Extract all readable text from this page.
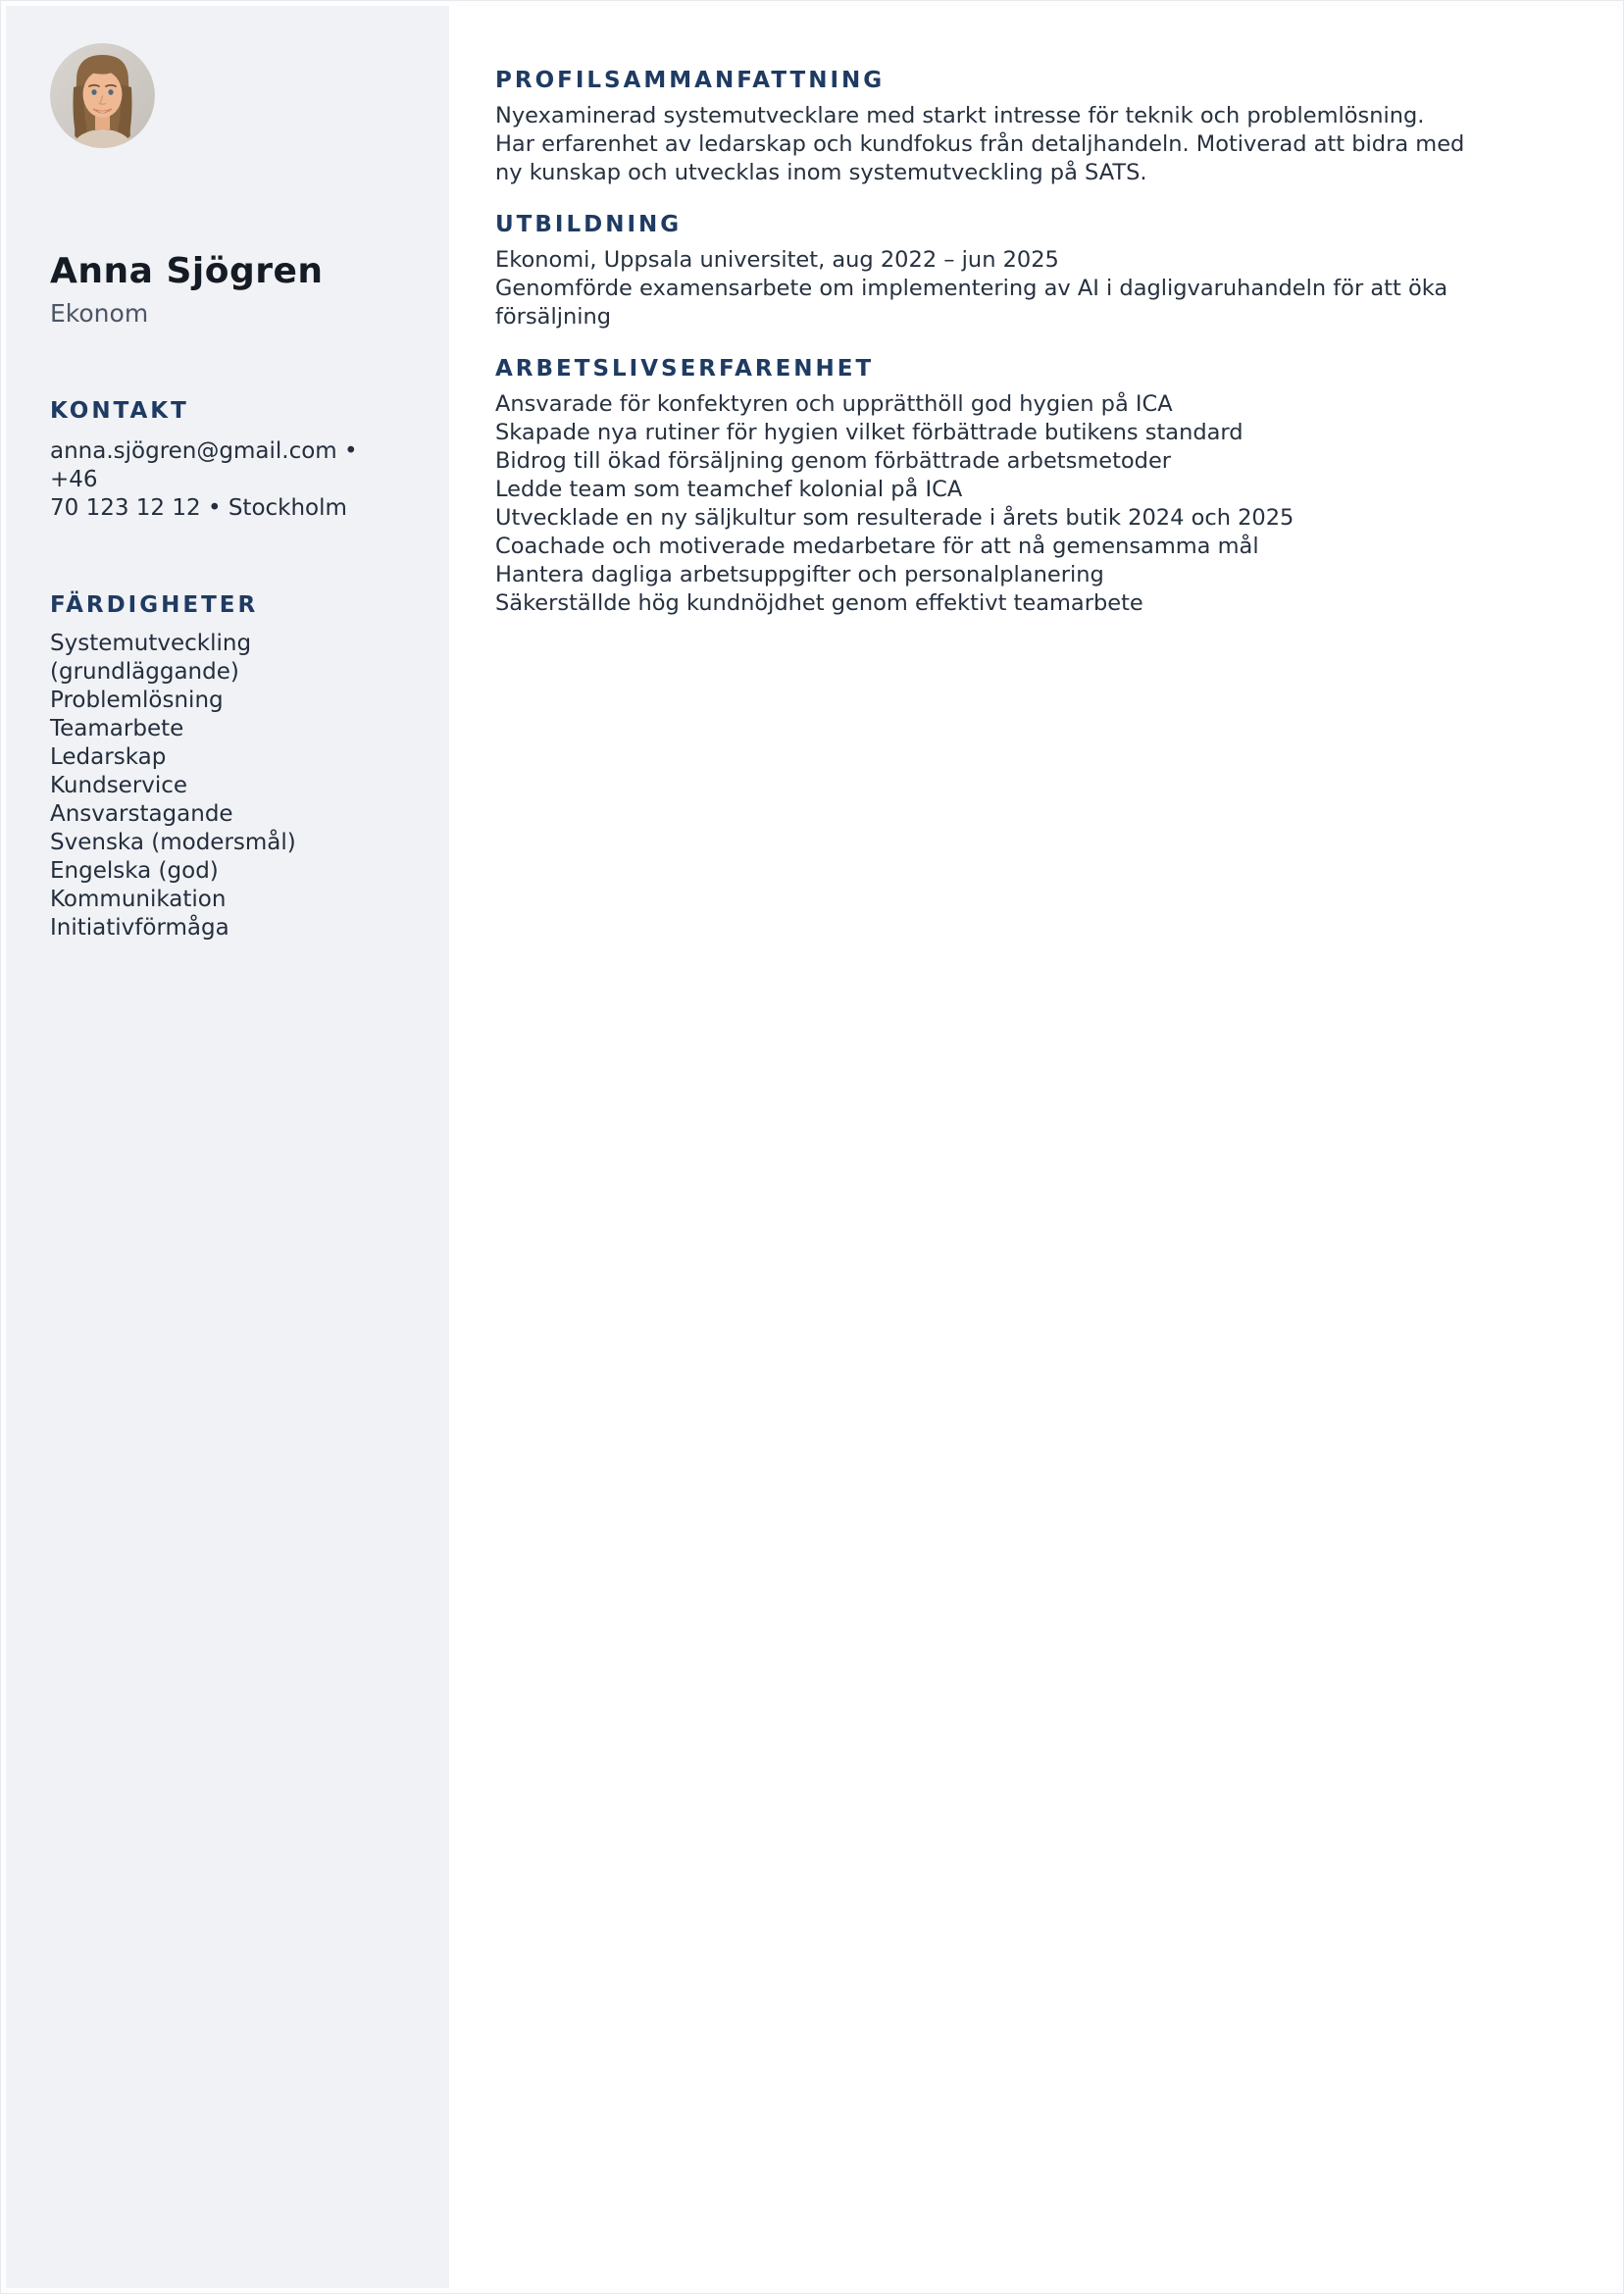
Anna Sjögren
Ekonom
KONTAKT
anna.sjögren@gmail.com • +46
70 123 12 12 • Stockholm
FÄRDIGHETER
Systemutveckling (grundläggande)
Problemlösning
Teamarbete
Ledarskap
Kundservice
Ansvarstagande
Svenska (modersmål)
Engelska (god)
Kommunikation
Initiativförmåga
PROFILSAMMANFATTNING
Nyexaminerad systemutvecklare med starkt intresse för teknik och problemlösning.
Har erfarenhet av ledarskap och kundfokus från detaljhandeln. Motiverad att bidra med
ny kunskap och utvecklas inom systemutveckling på SATS.
UTBILDNING
Ekonomi, Uppsala universitet, aug 2022 – jun 2025
Genomförde examensarbete om implementering av AI i dagligvaruhandeln för att öka
försäljning
ARBETSLIVSERFARENHET
Ansvarade för konfektyren och upprätthöll god hygien på ICA
Skapade nya rutiner för hygien vilket förbättrade butikens standard
Bidrog till ökad försäljning genom förbättrade arbetsmetoder
Ledde team som teamchef kolonial på ICA
Utvecklade en ny säljkultur som resulterade i årets butik 2024 och 2025
Coachade och motiverade medarbetare för att nå gemensamma mål
Hantera dagliga arbetsuppgifter och personalplanering
Säkerställde hög kundnöjdhet genom effektivt teamarbete
